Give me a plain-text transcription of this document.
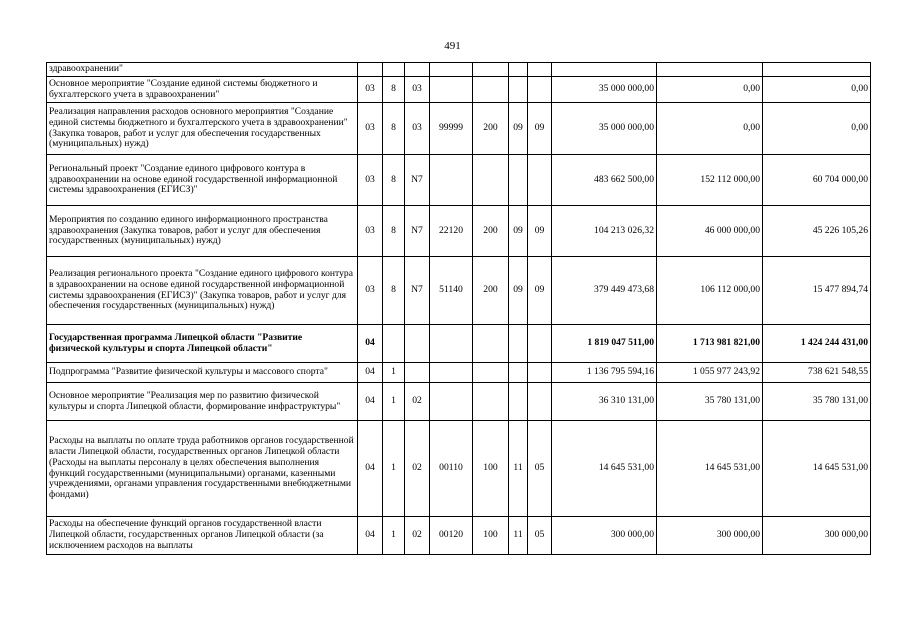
491
здравоохранении"										
Основное мероприятие "Создание единой системы бюджетного и бухгалтерского учета в здравоохранении"	03	8	03					35 000 000,00	0,00	0,00
Реализация направления расходов основного мероприятия "Создание единой системы бюджетного и бухгалтерского учета в здравоохранении" (Закупка товаров, работ и услуг для обеспечения государственных (муниципальных) нужд)	03	8	03	99999	200	09	09	35 000 000,00	0,00	0,00
Региональный проект "Создание единого цифрового контура в здравоохранении на основе единой государственной информационной системы здравоохранения (ЕГИСЗ)"	03	8	N7					483 662 500,00	152 112 000,00	60 704 000,00
Мероприятия по созданию единого информационного пространства здравоохранения (Закупка товаров, работ и услуг для обеспечения государственных (муниципальных) нужд)	03	8	N7	22120	200	09	09	104 213 026,32	46 000 000,00	45 226 105,26
Реализация регионального проекта "Создание единого цифрового контура в здравоохранении на основе единой государственной информационной системы здравоохранения (ЕГИСЗ)" (Закупка товаров, работ и услуг для обеспечения государственных (муниципальных) нужд)	03	8	N7	51140	200	09	09	379 449 473,68	106 112 000,00	15 477 894,74
Государственная программа Липецкой области "Развитие физической культуры и спорта Липецкой области"	04							1 819 047 511,00	1 713 981 821,00	1 424 244 431,00
Подпрограмма "Развитие физической культуры и массового спорта"	04	1						1 136 795 594,16	1 055 977 243,92	738 621 548,55
Основное мероприятие "Реализация мер по развитию физической культуры и спорта Липецкой области, формирование инфраструктуры"	04	1	02					36 310 131,00	35 780 131,00	35 780 131,00
Расходы на выплаты по оплате труда работников органов государственной власти Липецкой области, государственных органов Липецкой области (Расходы на выплаты персоналу в целях обеспечения выполнения функций государственными (муниципальными) органами, казенными учреждениями, органами управления государственными внебюджетными фондами)	04	1	02	00110	100	11	05	14 645 531,00	14 645 531,00	14 645 531,00
Расходы на обеспечение функций органов государственной власти Липецкой области, государственных органов Липецкой области (за исключением расходов на выплаты	04	1	02	00120	100	11	05	300 000,00	300 000,00	300 000,00
